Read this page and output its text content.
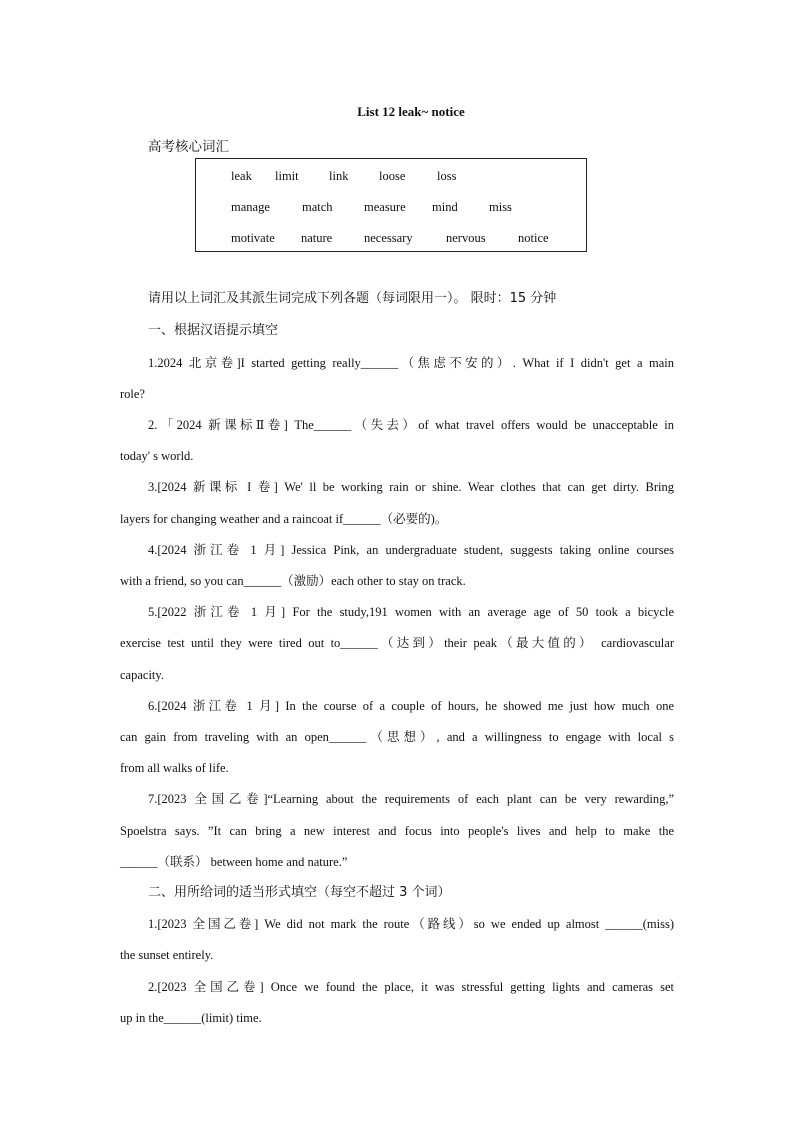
List 12 leak~ notice
高考核心词汇
leak limit link loose	loss
manage	match	measure mind	miss
motivate nature	necessary	nervous	notice
请用以上词汇及其派生词完成下列各题（每词限用一）。 限时：15 分钟
一、根据汉语提示填空
1.2024 北京卷]I started getting really______（焦虑不安的）. What if I didn't get a main
role?
2.「2024 新课标Ⅱ卷] The______（失去）of what travel offers would be unacceptable in
today' s world.
3.[2024 新课标 I 卷] We' ll be working rain or shine. Wear clothes that can get dirty. Bring
layers for changing weather and a raincoat if______（必要的)。
4.[2024 浙江卷 1 月] Jessica Pink, an undergraduate student, suggests taking online courses
with a friend, so you can______（激励）each other to stay on track.
5.[2022 浙江卷 1 月] For the study,191 women with an average age of 50 took a bicycle
exercise test until they were tired out to______（达到）their peak（最大值的） cardiovascular
capacity.
6.[2024 浙江卷 1 月] In the course of a couple of hours, he showed me just how much one
can gain from traveling with an open______（思想）, and a willingness to engage with local s
from all walks of life.
7.[2023 全国乙卷]“Learning about the requirements of each plant can be very rewarding,”
Spoelstra says. ”It can bring a new interest and focus into people's lives and help to make the
______（联系） between home and nature.”
二、用所给词的适当形式填空（每空不超过 3 个词）
1.[2023 全国乙卷] We did not mark the route（路线）so we ended up almost ______(miss)
the sunset entirely.
2.[2023 全国乙卷] Once we found the place, it was stressful getting lights and cameras set
up in the______(limit) time.
